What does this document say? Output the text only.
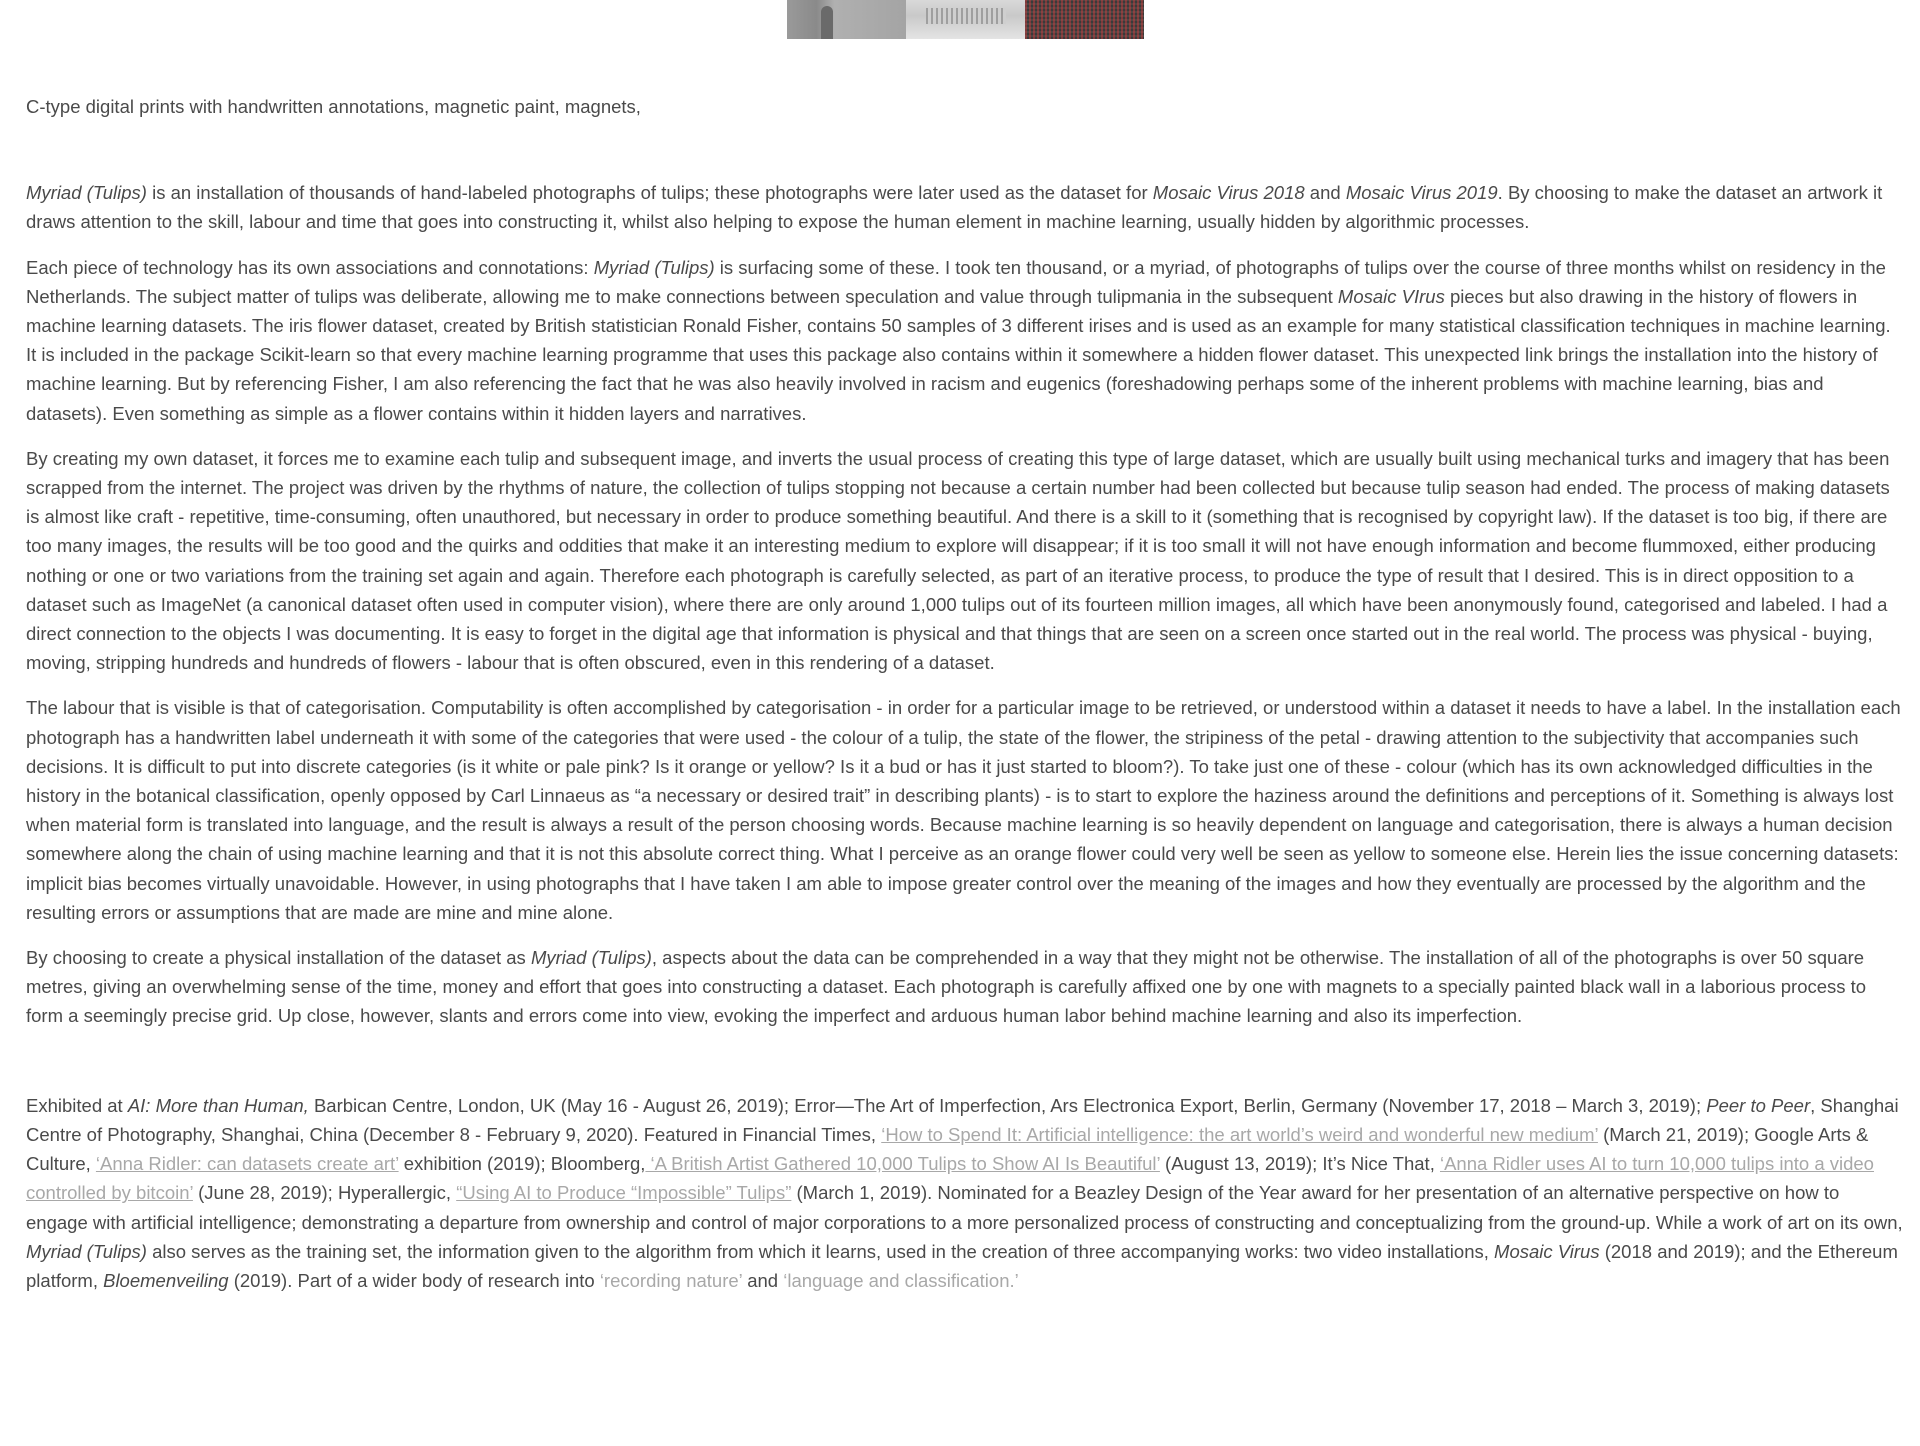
C-type digital prints with handwritten annotations, magnetic paint, magnets,

Myriad (Tulips) is an installation of thousands of hand-labeled photographs of tulips; these photographs were later used as the dataset for Mosaic Virus 2018 and Mosaic Virus 2019. By choosing to make the dataset an artwork it draws attention to the skill, labour and time that goes into constructing it, whilst also helping to expose the human element in machine learning, usually hidden by algorithmic processes.

Each piece of technology has its own associations and connotations: Myriad (Tulips) is surfacing some of these. I took ten thousand, or a myriad, of photographs of tulips over the course of three months whilst on residency in the Netherlands. The subject matter of tulips was deliberate, allowing me to make connections between speculation and value through tulipmania in the subsequent Mosaic VIrus pieces but also drawing in the history of flowers in machine learning datasets. The iris flower dataset, created by British statistician Ronald Fisher, contains 50 samples of 3 different irises and is used as an example for many statistical classification techniques in machine learning. It is included in the package Scikit-learn so that every machine learning programme that uses this package also contains within it somewhere a hidden flower dataset. This unexpected link brings the installation into the history of machine learning. But by referencing Fisher, I am also referencing the fact that he was also heavily involved in racism and eugenics (foreshadowing perhaps some of the inherent problems with machine learning, bias and datasets). Even something as simple as a flower contains within it hidden layers and narratives.

By creating my own dataset, it forces me to examine each tulip and subsequent image, and inverts the usual process of creating this type of large dataset, which are usually built using mechanical turks and imagery that has been scrapped from the internet. The project was driven by the rhythms of nature, the collection of tulips stopping not because a certain number had been collected but because tulip season had ended. The process of making datasets is almost like craft - repetitive, time-consuming, often unauthored, but necessary in order to produce something beautiful. And there is a skill to it (something that is recognised by copyright law). If the dataset is too big, if there are too many images, the results will be too good and the quirks and oddities that make it an interesting medium to explore will disappear; if it is too small it will not have enough information and become flummoxed, either producing nothing or one or two variations from the training set again and again. Therefore each photograph is carefully selected, as part of an iterative process, to produce the type of result that I desired. This is in direct opposition to a dataset such as ImageNet (a canonical dataset often used in computer vision), where there are only around 1,000 tulips out of its fourteen million images, all which have been anonymously found, categorised and labeled. I had a direct connection to the objects I was documenting. It is easy to forget in the digital age that information is physical and that things that are seen on a screen once started out in the real world. The process was physical - buying, moving, stripping hundreds and hundreds of flowers - labour that is often obscured, even in this rendering of a dataset.

The labour that is visible is that of categorisation. Computability is often accomplished by categorisation - in order for a particular image to be retrieved, or understood within a dataset it needs to have a label. In the installation each photograph has a handwritten label underneath it with some of the categories that were used - the colour of a tulip, the state of the flower, the stripiness of the petal - drawing attention to the subjectivity that accompanies such decisions. It is difficult to put into discrete categories (is it white or pale pink? Is it orange or yellow? Is it a bud or has it just started to bloom?). To take just one of these - colour (which has its own acknowledged difficulties in the history in the botanical classification, openly opposed by Carl Linnaeus as “a necessary or desired trait” in describing plants) - is to start to explore the haziness around the definitions and perceptions of it. Something is always lost when material form is translated into language, and the result is always a result of the person choosing words. Because machine learning is so heavily dependent on language and categorisation, there is always a human decision somewhere along the chain of using machine learning and that it is not this absolute correct thing. What I perceive as an orange flower could very well be seen as yellow to someone else. Herein lies the issue concerning datasets: implicit bias becomes virtually unavoidable. However, in using photographs that I have taken I am able to impose greater control over the meaning of the images and how they eventually are processed by the algorithm and the resulting errors or assumptions that are made are mine and mine alone.

By choosing to create a physical installation of the dataset as Myriad (Tulips), aspects about the data can be comprehended in a way that they might not be otherwise. The installation of all of the photographs is over 50 square metres, giving an overwhelming sense of the time, money and effort that goes into constructing a dataset. Each photograph is carefully affixed one by one with magnets to a specially painted black wall in a laborious process to form a seemingly precise grid. Up close, however, slants and errors come into view, evoking the imperfect and arduous human labor behind machine learning and also its imperfection.

Exhibited at AI: More than Human, Barbican Centre, London, UK (May 16 - August 26, 2019); Error—The Art of Imperfection, Ars Electronica Export, Berlin, Germany (November 17, 2018 – March 3, 2019); Peer to Peer, Shanghai Centre of Photography, Shanghai, China (December 8 - February 9, 2020). Featured in Financial Times, ‘How to Spend It: Artificial intelligence: the art world’s weird and wonderful new medium’ (March 21, 2019); Google Arts & Culture, ‘Anna Ridler: can datasets create art’ exhibition (2019); Bloomberg, ‘A British Artist Gathered 10,000 Tulips to Show AI Is Beautiful’ (August 13, 2019); It’s Nice That, ‘Anna Ridler uses AI to turn 10,000 tulips into a video controlled by bitcoin’ (June 28, 2019); Hyperallergic, “Using AI to Produce “Impossible” Tulips” (March 1, 2019). Nominated for a Beazley Design of the Year award for her presentation of an alternative perspective on how to engage with artificial intelligence; demonstrating a departure from ownership and control of major corporations to a more personalized process of constructing and conceptualizing from the ground-up. While a work of art on its own, Myriad (Tulips) also serves as the training set, the information given to the algorithm from which it learns, used in the creation of three accompanying works: two video installations, Mosaic Virus (2018 and 2019); and the Ethereum platform, Bloemenveiling (2019). Part of a wider body of research into ‘recording nature’ and ‘language and classification.’
